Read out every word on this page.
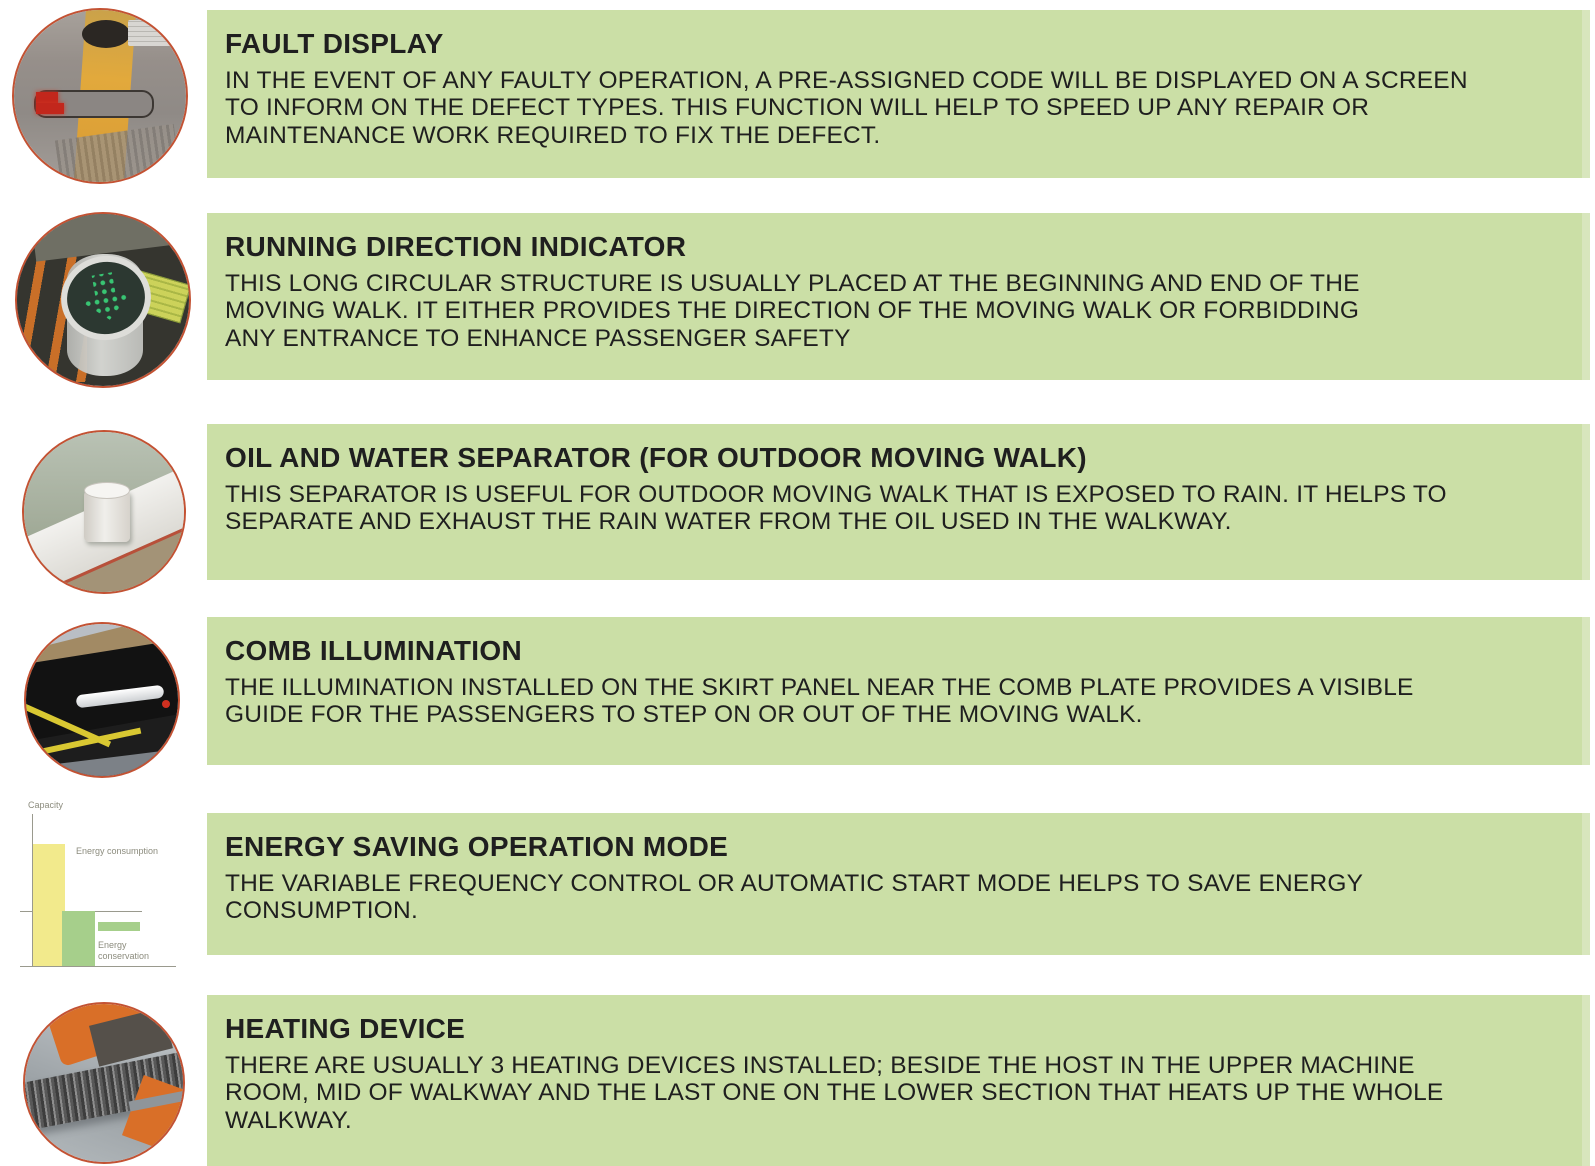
Capacity
Energy consumption
Energy conservation
FAULT DISPLAY
IN THE EVENT OF ANY FAULTY OPERATION, A PRE-ASSIGNED CODE WILL BE DISPLAYED ON A SCREEN
TO INFORM ON THE DEFECT TYPES. THIS FUNCTION WILL HELP TO SPEED UP ANY REPAIR OR
MAINTENANCE WORK REQUIRED TO FIX THE DEFECT.
RUNNING DIRECTION INDICATOR
THIS LONG CIRCULAR STRUCTURE IS USUALLY PLACED AT THE BEGINNING AND END OF THE
MOVING WALK. IT EITHER PROVIDES THE DIRECTION OF THE MOVING WALK OR FORBIDDING
ANY ENTRANCE TO ENHANCE PASSENGER SAFETY
OIL AND WATER SEPARATOR (FOR OUTDOOR MOVING WALK)
THIS SEPARATOR IS USEFUL FOR OUTDOOR MOVING WALK THAT IS EXPOSED TO RAIN. IT HELPS TO
SEPARATE AND EXHAUST THE RAIN WATER FROM THE OIL USED IN THE WALKWAY.
COMB ILLUMINATION
THE ILLUMINATION INSTALLED ON THE SKIRT PANEL NEAR THE COMB PLATE PROVIDES A VISIBLE
GUIDE FOR THE PASSENGERS TO STEP ON OR OUT OF THE MOVING WALK.
ENERGY SAVING OPERATION MODE
THE VARIABLE FREQUENCY CONTROL OR AUTOMATIC START MODE HELPS TO SAVE ENERGY
CONSUMPTION.
HEATING DEVICE
THERE ARE USUALLY 3 HEATING DEVICES INSTALLED; BESIDE THE HOST IN THE UPPER MACHINE
ROOM, MID OF WALKWAY AND THE LAST ONE ON THE LOWER SECTION THAT HEATS UP THE WHOLE
WALKWAY.
